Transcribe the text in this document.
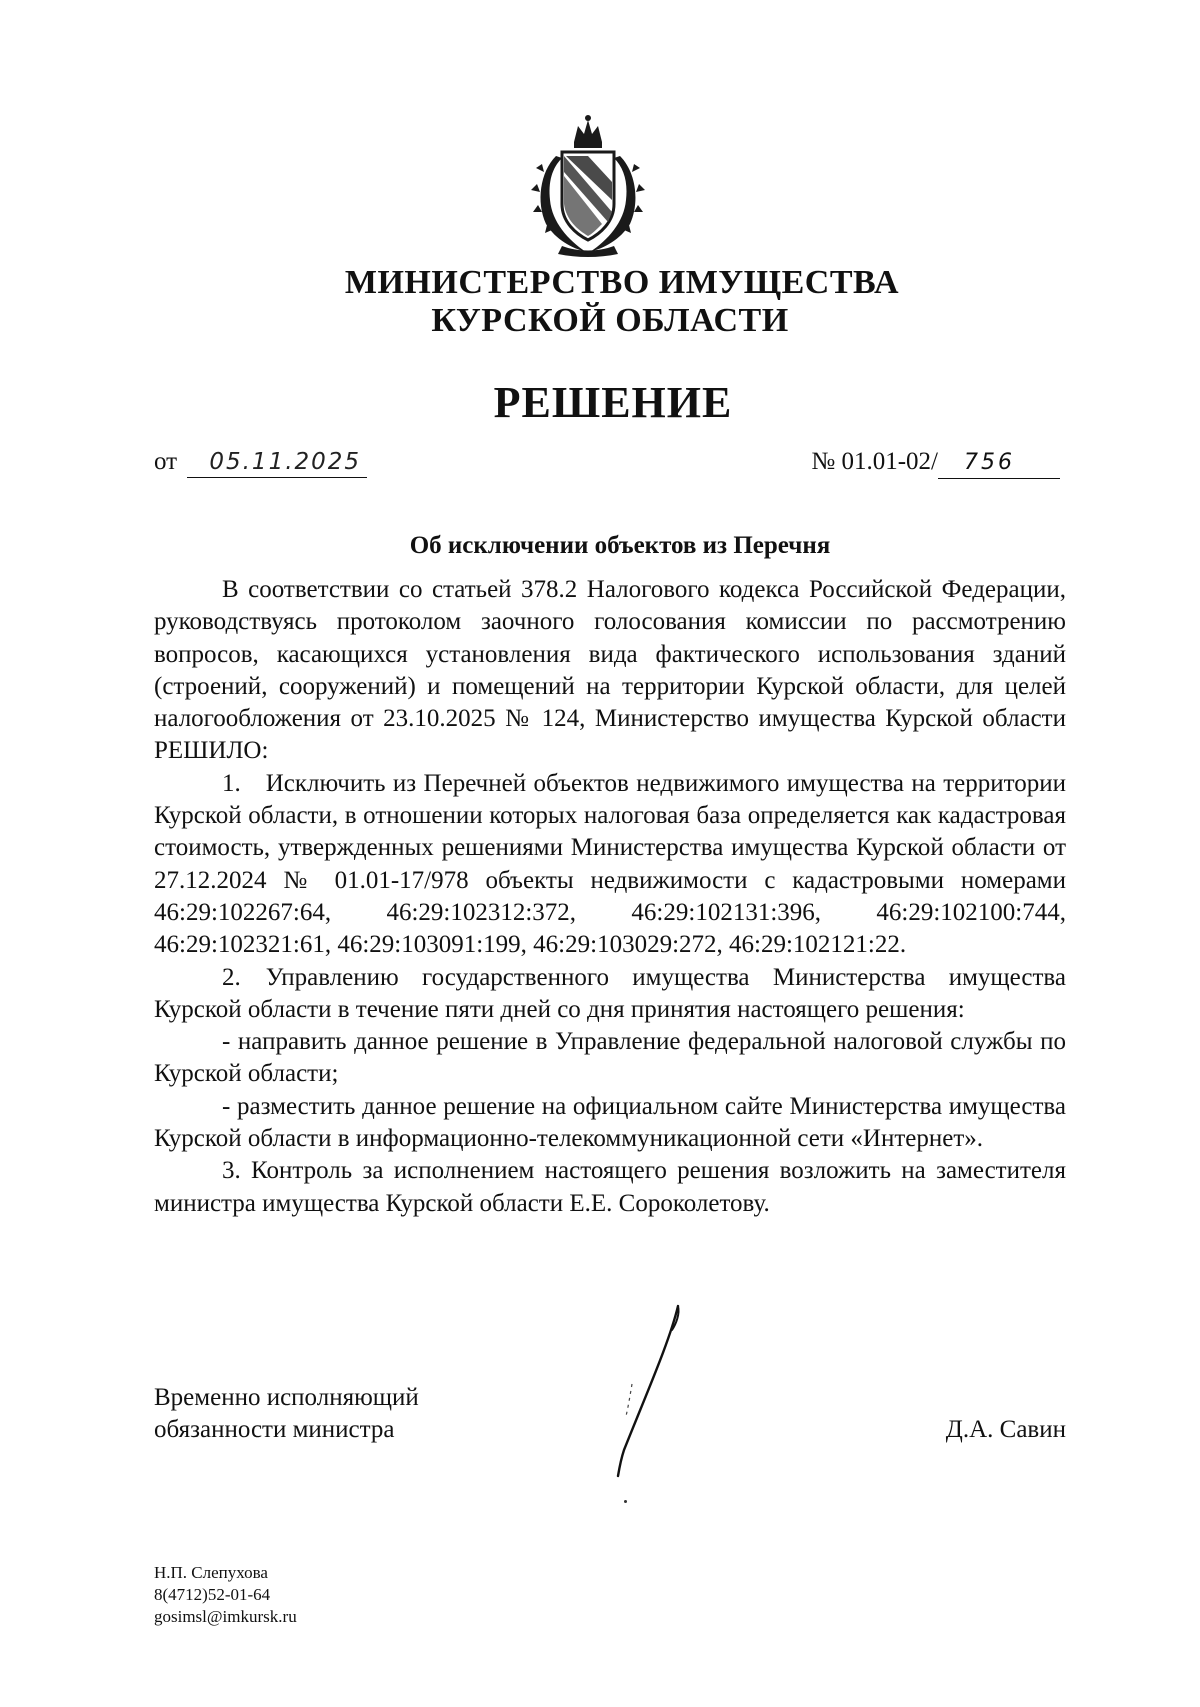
МИНИСТЕРСТВО ИМУЩЕСТВА
КУРСКОЙ ОБЛАСТИ
РЕШЕНИЕ
от 05.11.2025	№ 01.01-02/ 756
Об исключении объектов из Перечня

В соответствии со статьей 378.2 Налогового кодекса Российской Федерации, руководствуясь протоколом заочного голосования комиссии по рассмотрению вопросов, касающихся установления вида фактического использования зданий (строений, сооружений) и помещений на территории Курской области, для целей налогообложения от 23.10.2025 № 124, Министерство имущества Курской области РЕШИЛО:

1. Исключить из Перечней объектов недвижимого имущества на территории Курской области, в отношении которых налоговая база определяется как кадастровая стоимость, утвержденных решениями Министерства имущества Курской области от 27.12.2024 № 01.01-17/978 объекты недвижимости с кадастровыми номерами 46:29:102267:64, 46:29:102312:372, 46:29:102131:396, 46:29:102100:744, 46:29:102321:61, 46:29:103091:199, 46:29:103029:272, 46:29:102121:22.

2. Управлению государственного имущества Министерства имущества Курской области в течение пяти дней со дня принятия настоящего решения:

- направить данное решение в Управление федеральной налоговой службы по Курской области;

- разместить данное решение на официальном сайте Министерства имущества Курской области в информационно-телекоммуникационной сети «Интернет».

3. Контроль за исполнением настоящего решения возложить на заместителя министра имущества Курской области Е.Е. Сороколетову.

Временно исполняющий
обязанности министра	Д.А. Савин
Н.П. Слепухова
8(4712)52-01-64
gosimsl@imkursk.ru
